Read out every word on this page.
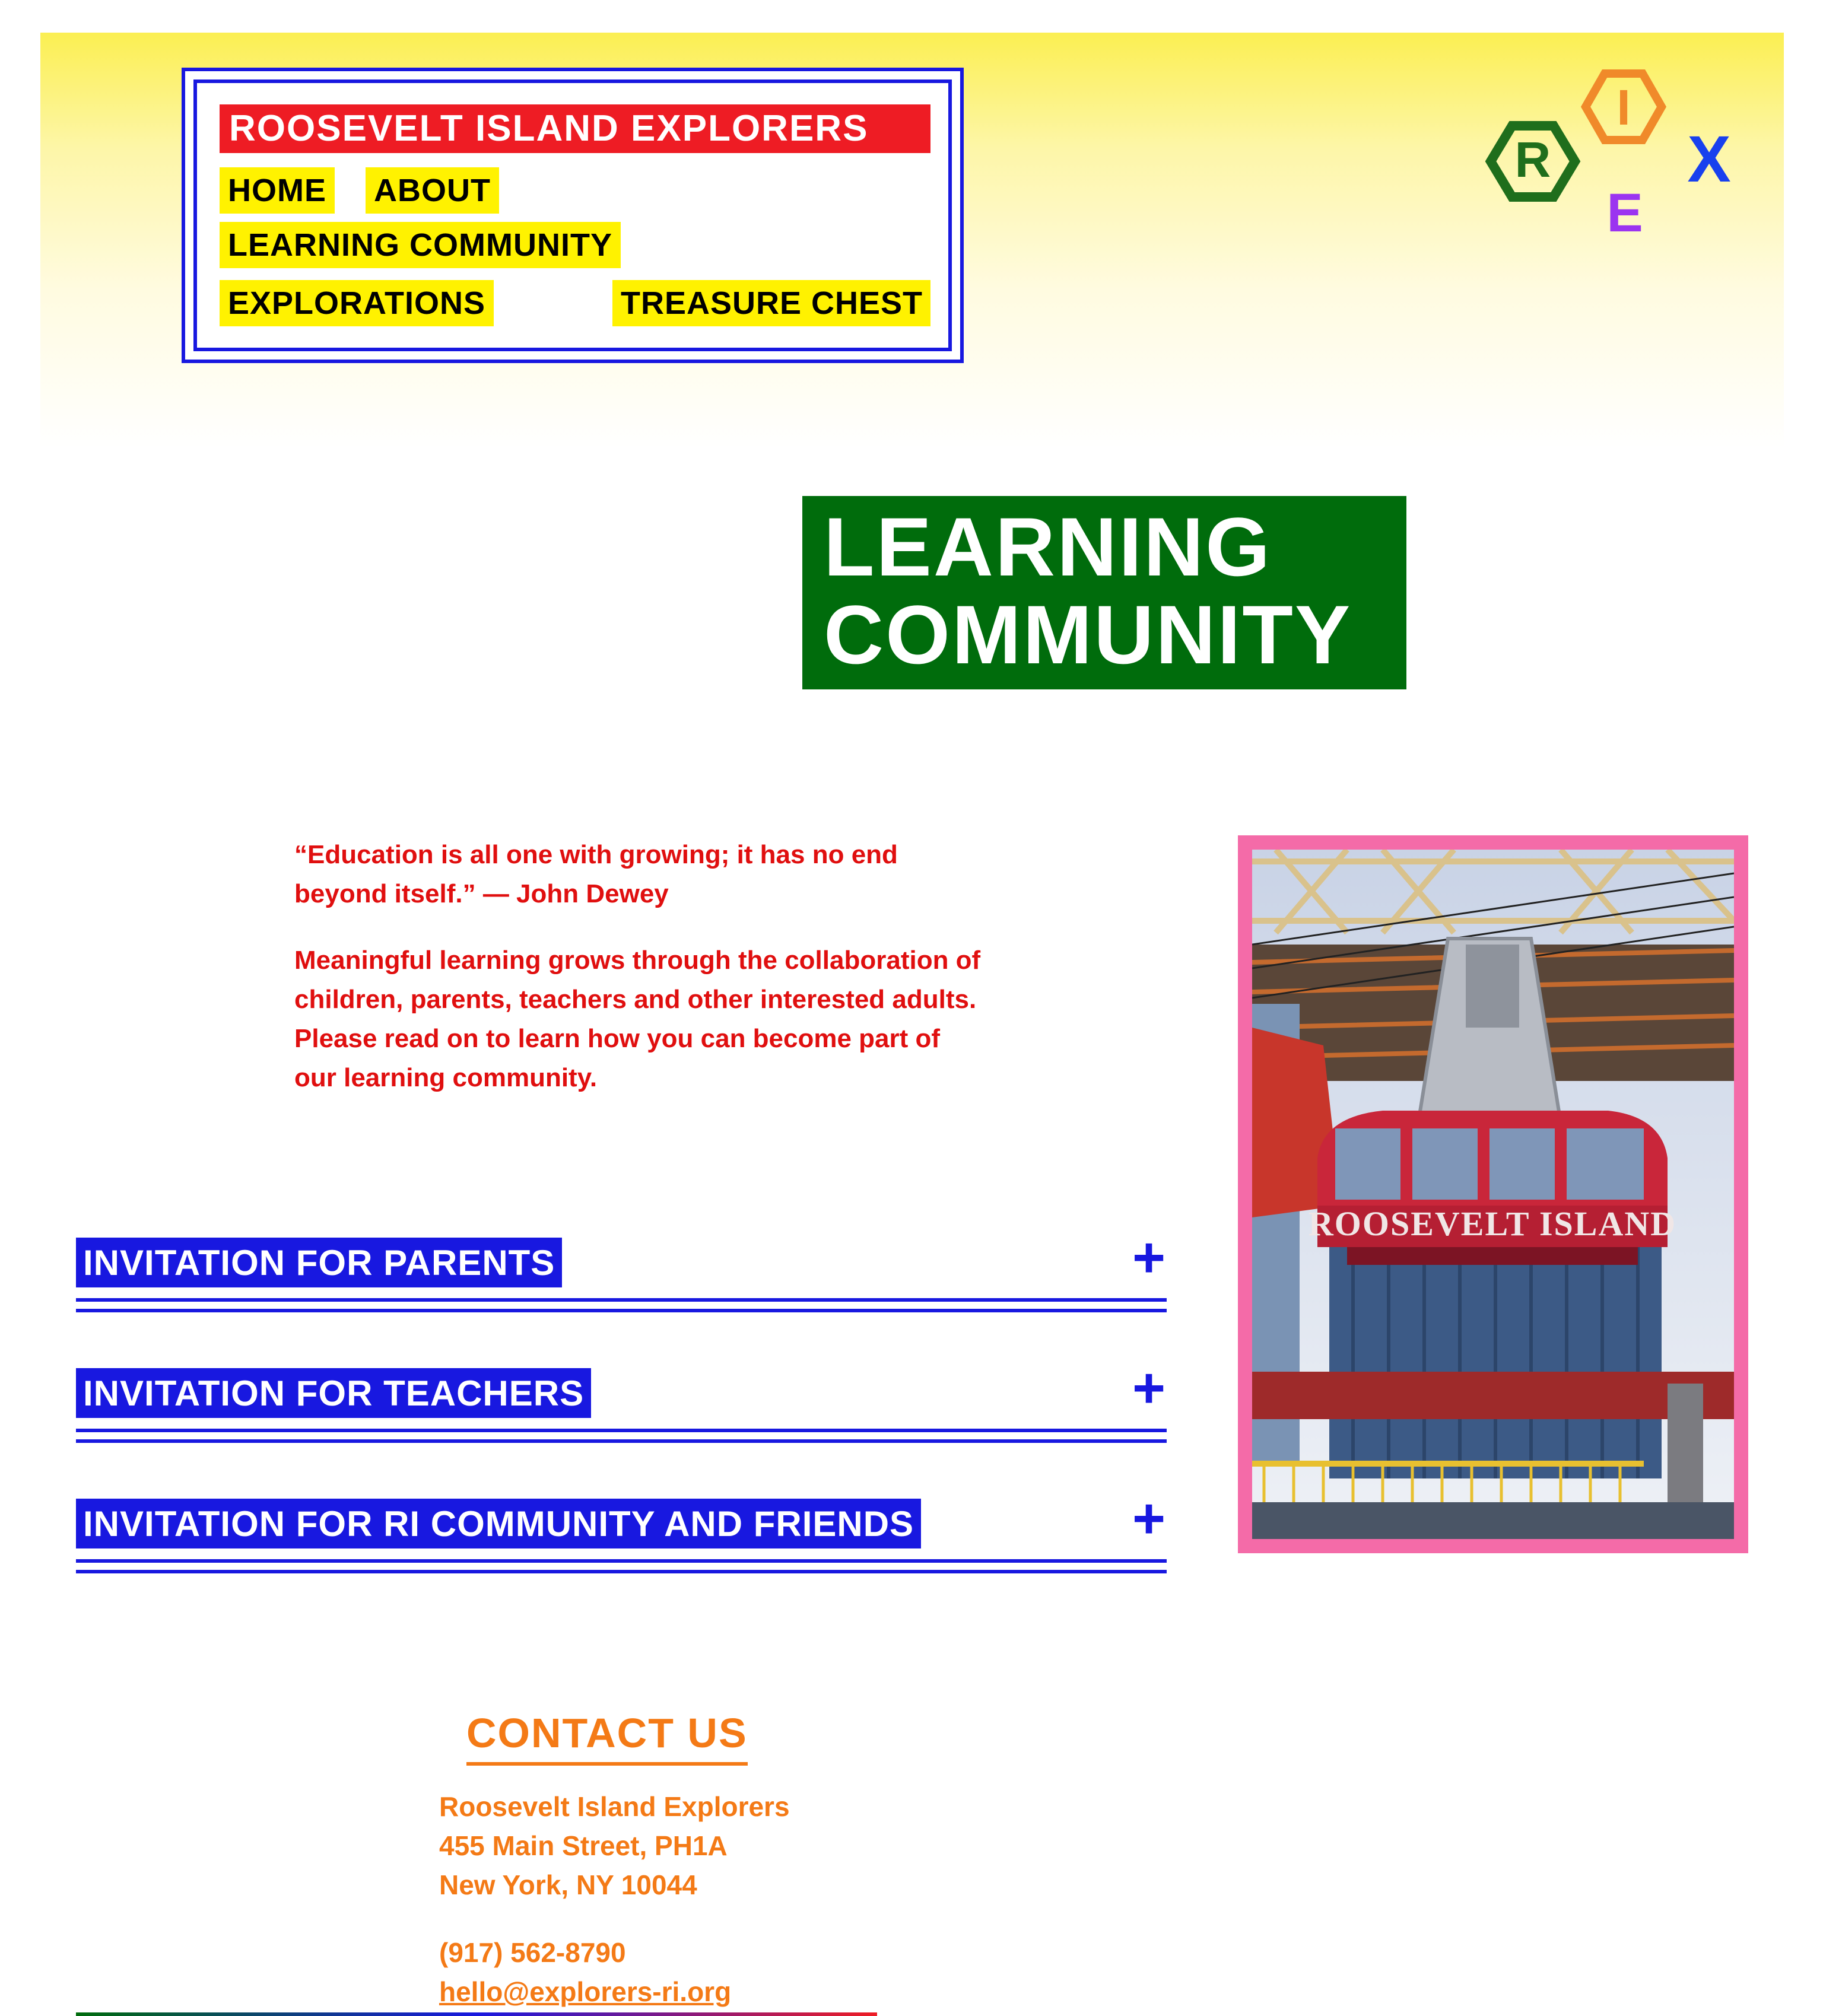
ROOSEVELT ISLAND EXPLORERS
HOME ABOUT
LEARNING COMMUNITY
EXPLORATIONS	TREASURE CHEST
R
I
E
X
LEARNING
COMMUNITY
“Education is all one with growing; it has no end beyond itself.” — John Dewey
Meaningful learning grows through the collaboration of children, parents, teachers and other interested adults. Please read on to learn how you can become part of our learning community.
ROOSEVELT ISLAND
INVITATION FOR PARENTS	+
INVITATION FOR TEACHERS	+
INVITATION FOR RI COMMUNITY AND FRIENDS	+
CONTACT US
Roosevelt Island Explorers
455 Main Street, PH1A
New York, NY 10044
(917) 562-8790
hello@explorers-ri.org
